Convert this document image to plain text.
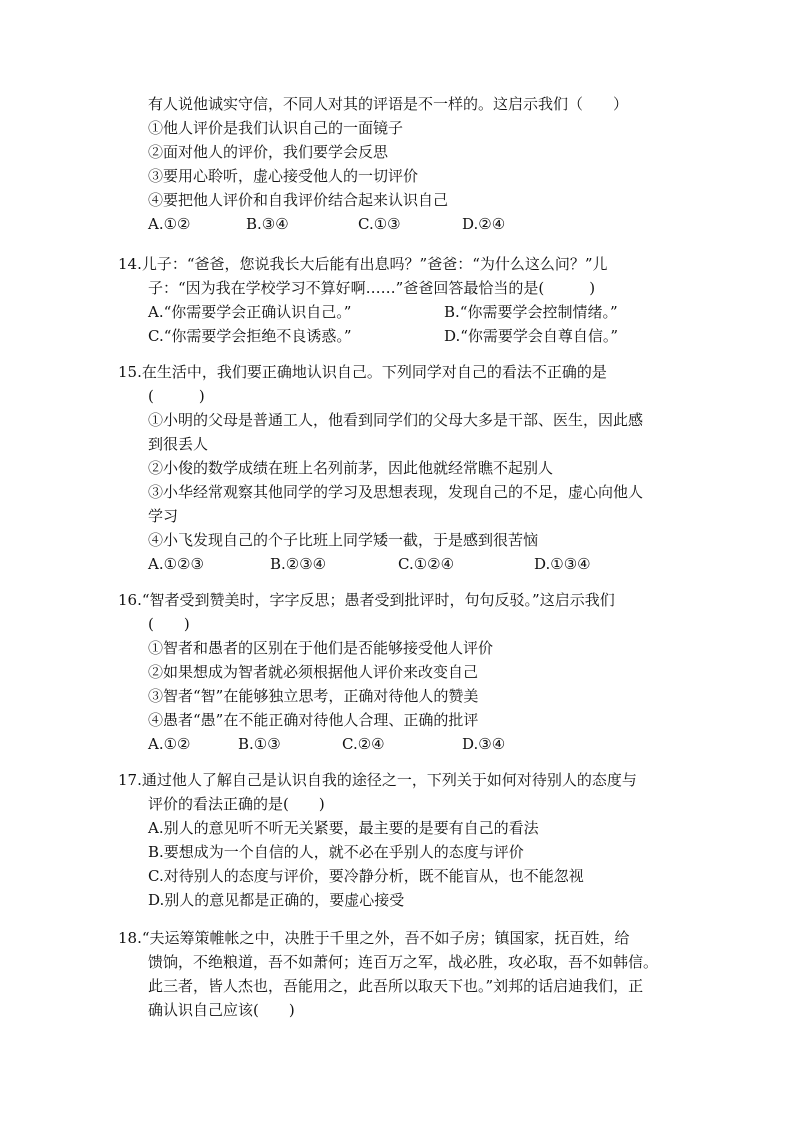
有人说他诚实守信，不同人对其的评语是不一样的。这启示我们（　　）
①他人评价是我们认识自己的一面镜子
②面对他人的评价，我们要学会反思
③要用心聆听，虚心接受他人的一切评价
④要把他人评价和自我评价结合起来认识自己
A.①②	B.③④	C.①③	D.②④
14.儿子：“爸爸，您说我长大后能有出息吗？”爸爸：“为什么这么问？”儿
子：“因为我在学校学习不算好啊……”爸爸回答最恰当的是(　　　)
A.“你需要学会正确认识自己。”	B.“你需要学会控制情绪。”
C.“你需要学会拒绝不良诱惑。”	D.“你需要学会自尊自信。”
15.在生活中，我们要正确地认识自己。下列同学对自己的看法不正确的是
(　　　)
①小明的父母是普通工人，他看到同学们的父母大多是干部、医生，因此感
到很丢人
②小俊的数学成绩在班上名列前茅，因此他就经常瞧不起别人
③小华经常观察其他同学的学习及思想表现，发现自己的不足，虚心向他人
学习
④小飞发现自己的个子比班上同学矮一截，于是感到很苦恼
A.①②③	B.②③④	C.①②④	D.①③④
16.“智者受到赞美时，字字反思；愚者受到批评时，句句反驳。”这启示我们
(　　)
①智者和愚者的区别在于他们是否能够接受他人评价
②如果想成为智者就必须根据他人评价来改变自己
③智者“智”在能够独立思考，正确对待他人的赞美
④愚者“愚”在不能正确对待他人合理、正确的批评
A.①②	B.①③	C.②④	D.③④
17.通过他人了解自己是认识自我的途径之一，下列关于如何对待别人的态度与
评价的看法正确的是(　　)
A.别人的意见听不听无关紧要，最主要的是要有自己的看法
B.要想成为一个自信的人，就不必在乎别人的态度与评价
C.对待别人的态度与评价，要冷静分析，既不能盲从，也不能忽视
D.别人的意见都是正确的，要虚心接受
18.“夫运筹策帷帐之中，决胜于千里之外，吾不如子房；镇国家，抚百姓，给
馈饷，不绝粮道，吾不如萧何；连百万之军，战必胜，攻必取，吾不如韩信。
此三者，皆人杰也，吾能用之，此吾所以取天下也。”刘邦的话启迪我们，正
确认识自己应该(　　)
